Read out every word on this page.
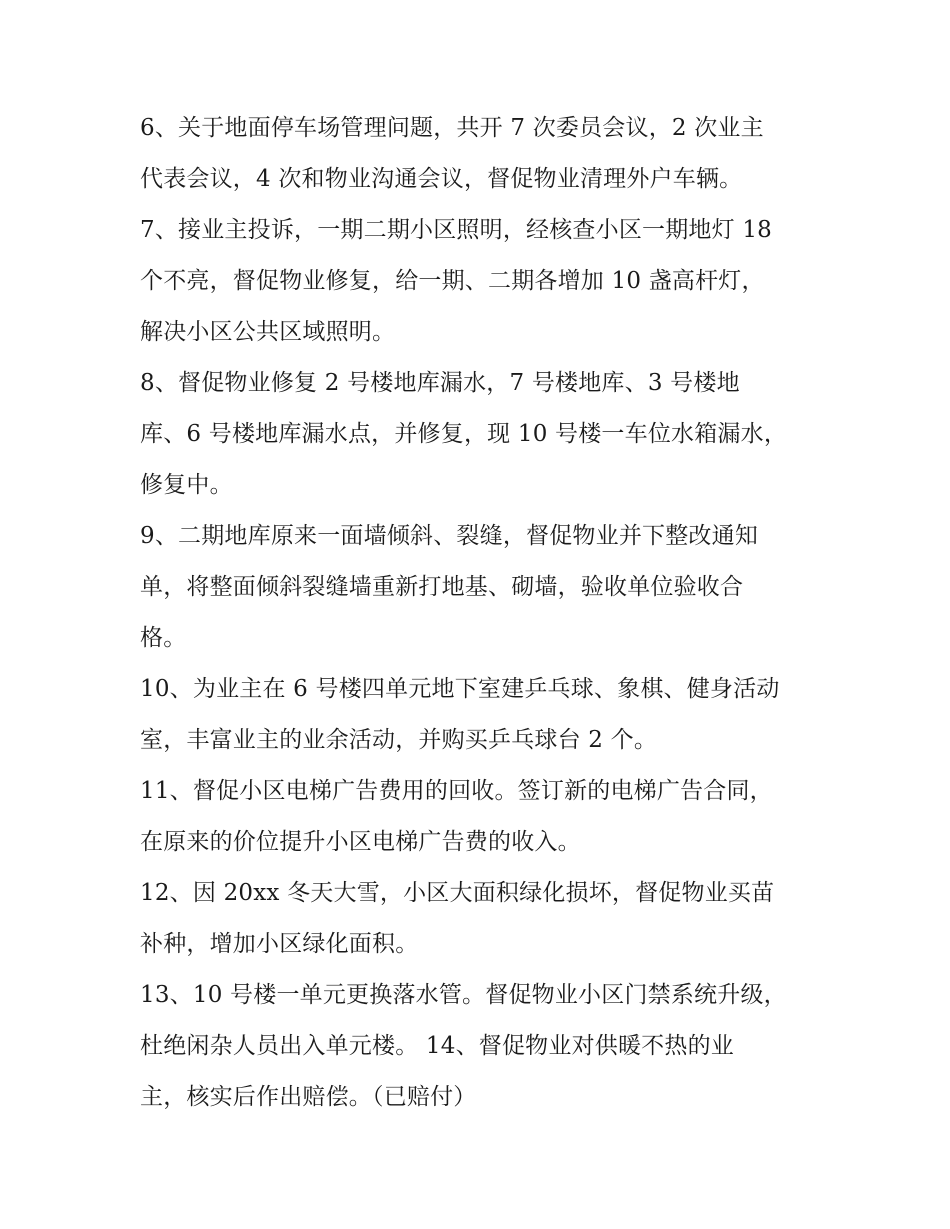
6、关于地面停车场管理问题，共开 7 次委员会议，2 次业主
代表会议，4 次和物业沟通会议，督促物业清理外户车辆。
7、接业主投诉，一期二期小区照明，经核查小区一期地灯 18
个不亮，督促物业修复，给一期、二期各增加 10 盏高杆灯，
解决小区公共区域照明。
8、督促物业修复 2 号楼地库漏水，7 号楼地库、3 号楼地
库、6 号楼地库漏水点，并修复，现 10 号楼一车位水箱漏水，
修复中。
9、二期地库原来一面墙倾斜、裂缝，督促物业并下整改通知
单，将整面倾斜裂缝墙重新打地基、砌墙，验收单位验收合
格。
10、为业主在 6 号楼四单元地下室建乒乓球、象棋、健身活动
室，丰富业主的业余活动，并购买乒乓球台 2 个。
11、督促小区电梯广告费用的回收。签订新的电梯广告合同，
在原来的价位提升小区电梯广告费的收入。
12、因 20xx 冬天大雪，小区大面积绿化损坏，督促物业买苗
补种，增加小区绿化面积。
13、10 号楼一单元更换落水管。督促物业小区门禁系统升级，
杜绝闲杂人员出入单元楼。 14、督促物业对供暖不热的业
主，核实后作出赔偿。（已赔付）
